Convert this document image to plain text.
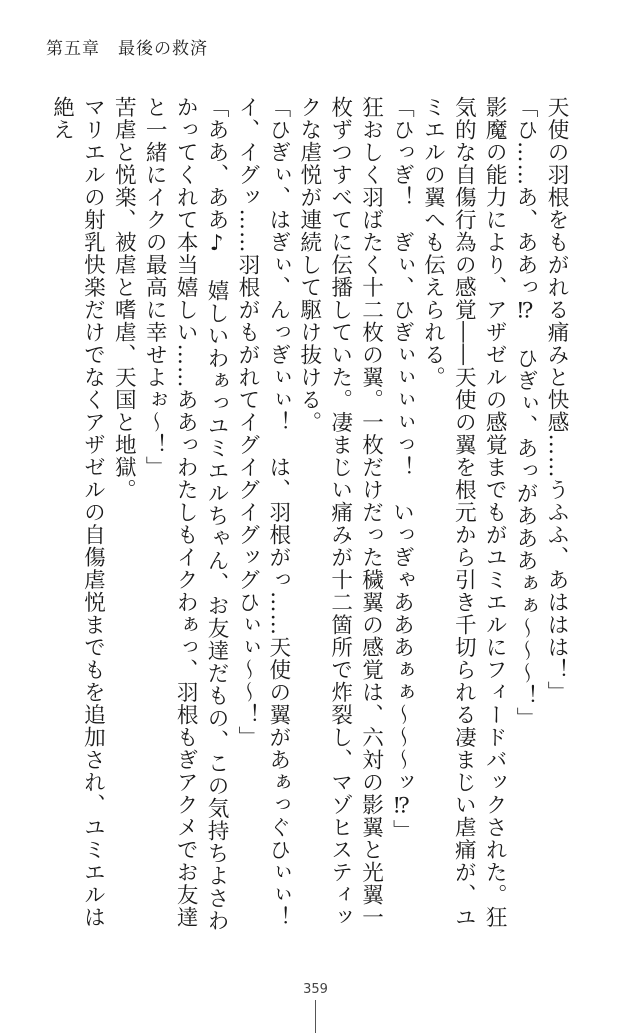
第五章　最後の救済

天使の羽根をもがれる痛みと快感……うふふ、あははは！」

「ひ……あ、ああっ⁉　ひぎぃ、あっがあああぁぁ～～～！」

影魔の能力により、アザゼルの感覚までもがユミエルにフィードバックされた。狂気的な自傷行為の感覚――天使の翼を根元から引き千切られる凄まじい虐痛が、ユミエルの翼へも伝えられる。

「ひっぎ！　ぎぃ、ひぎぃぃぃぃっ！　いっぎゃあああぁぁ～～～ッ⁉」

狂おしく羽ばたく十二枚の翼。一枚だけだった穢翼の感覚は、六対の影翼と光翼一枚ずつすべてに伝播していた。凄まじい痛みが十二箇所で炸裂し、マゾヒスティックな虐悦が連続して駆け抜ける。

「ひぎぃ、はぎぃ、んっぎぃぃ！　は、羽根がっ……天使の翼があぁっぐひぃぃ！　イ、イグッ……羽根がもがれてイグイグイグッグひぃぃ～～！」

「ああ、ああ♪　嬉しいわぁっユミエルちゃん、お友達だもの、この気持ちよさわかってくれて本当嬉しい……ああっわたしもイクわぁっ、羽根もぎアクメでお友達と一緒にイクの最高に幸せよぉ～！」

苦虐と悦楽、被虐と嗜虐、天国と地獄。

マリエルの射乳快楽だけでなくアザゼルの自傷虐悦までもを追加され、ユミエルは絶え

359
